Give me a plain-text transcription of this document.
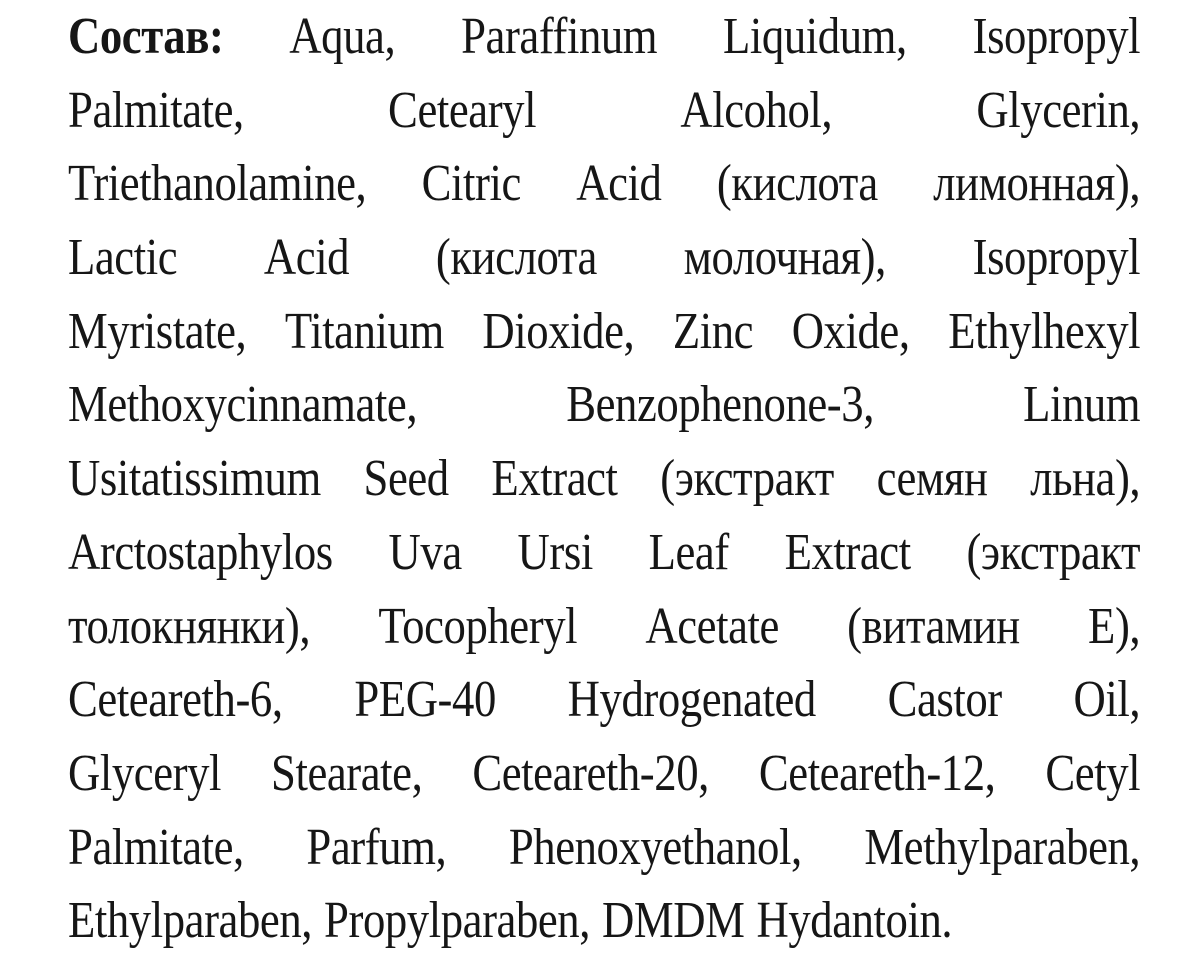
Состав: Aqua, Paraffinum Liquidum, Isopropyl
Palmitate,	Cetearyl	Alcohol,	Glycerin,
Triethanolamine, Citric Acid (кислота лимонная),
Lactic Acid (кислота молочная), Isopropyl
Myristate, Titanium Dioxide, Zinc Oxide, Ethylhexyl
Methoxycinnamate,	Benzophenone-3,	Linum
Usitatissimum Seed Extract (экстракт семян льна),
Arctostaphylos Uva Ursi Leaf Extract (экстракт
толокнянки), Tocopheryl Acetate (витамин E),
Ceteareth-6, PEG-40 Hydrogenated Castor Oil,
Glyceryl Stearate, Ceteareth-20, Ceteareth-12, Cetyl
Palmitate, Parfum, Phenoxyethanol, Methylparaben,
Ethylparaben, Propylparaben, DMDM Hydantoin.
